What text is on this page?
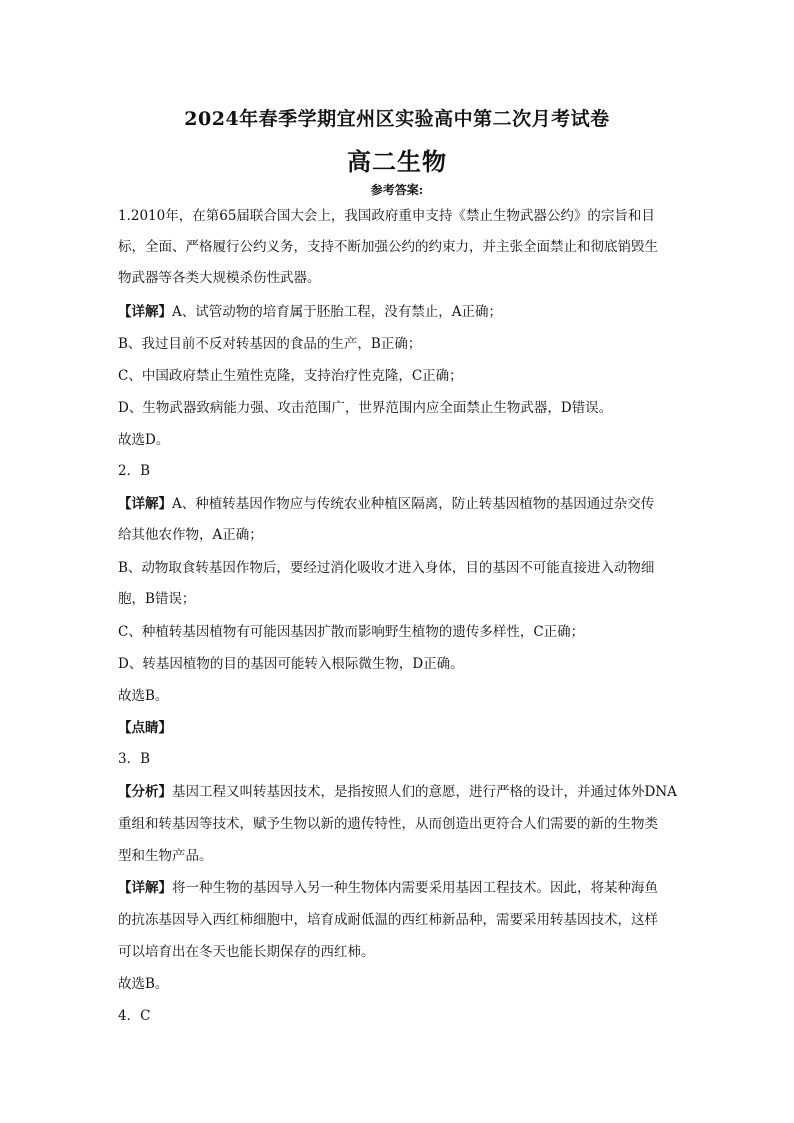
2024年春季学期宜州区实验高中第二次月考试卷
高二生物
参考答案:
1.2010年，在第65届联合国大会上，我国政府重申支持《禁止生物武器公约》的宗旨和目
标，全面、严格履行公约义务，支持不断加强公约的约束力，并主张全面禁止和彻底销毁生
物武器等各类大规模杀伤性武器。
【详解】A、试管动物的培育属于胚胎工程，没有禁止，A正确；
B、我过目前不反对转基因的食品的生产，B正确；
C、中国政府禁止生殖性克隆，支持治疗性克隆，C正确；
D、生物武器致病能力强、攻击范围广，世界范围内应全面禁止生物武器，D错误。
故选D。
2．B
【详解】A、种植转基因作物应与传统农业种植区隔离，防止转基因植物的基因通过杂交传
给其他农作物，A正确；
B、动物取食转基因作物后，要经过消化吸收才进入身体，目的基因不可能直接进入动物细
胞，B错误；
C、种植转基因植物有可能因基因扩散而影响野生植物的遗传多样性，C正确；
D、转基因植物的目的基因可能转入根际微生物，D正确。
故选B。
【点睛】
3．B
【分析】基因工程又叫转基因技术，是指按照人们的意愿，进行严格的设计，并通过体外DNA
重组和转基因等技术，赋予生物以新的遗传特性，从而创造出更符合人们需要的新的生物类
型和生物产品。
【详解】将一种生物的基因导入另一种生物体内需要采用基因工程技术。因此，将某种海鱼
的抗冻基因导入西红柿细胞中，培育成耐低温的西红柿新品种，需要采用转基因技术，这样
可以培育出在冬天也能长期保存的西红柿。
故选B。
4．C
